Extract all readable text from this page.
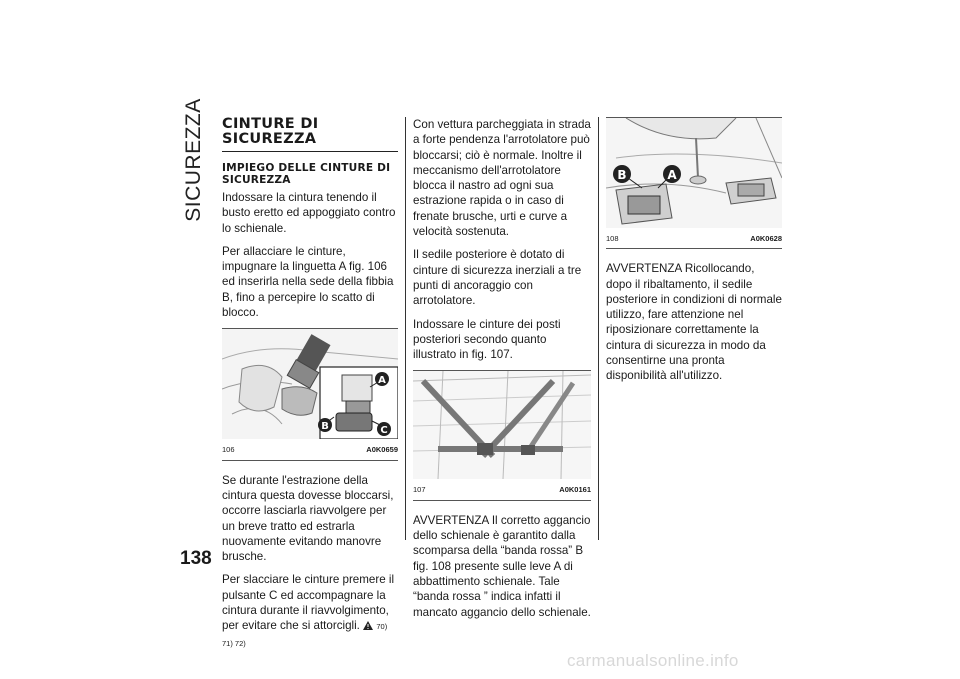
SICUREZZA CINTURE DI SICUREZZA
IMPIEGO DELLE CINTURE DI SICUREZZA

Indossare la cintura tenendo il busto eretto ed appoggiato contro lo schienale.

Per allacciare le cinture, impugnare la linguetta A fig. 106 ed inserirla nella sede della fibbia B, fino a percepire lo scatto di blocco.

A
B	C
106	A0K0659

Se durante l'estrazione della cintura questa dovesse bloccarsi, occorre lasciarla riavvolgere per un breve tratto ed estrarla nuovamente evitando manovre brusche.

Per slacciare le cinture premere il pulsante C ed accompagnare la cintura durante il riavvolgimento, per evitare che si attorcigli. 70) 71) 72)

Con vettura parcheggiata in strada a forte pendenza l'arrotolatore può bloccarsi; ciò è normale. Inoltre il meccanismo dell'arrotolatore blocca il nastro ad ogni sua estrazione rapida o in caso di frenate brusche, urti e curve a velocità sostenuta.

Il sedile posteriore è dotato di cinture di sicurezza inerziali a tre punti di ancoraggio con arrotolatore.

Indossare le cinture dei posti posteriori secondo quanto illustrato in fig. 107.

107	A0K0161

AVVERTENZA Il corretto aggancio dello schienale è garantito dalla scomparsa della “banda rossa” B fig. 108 presente sulle leve A di abbattimento schienale. Tale “banda rossa ” indica infatti il mancato aggancio dello schienale.

B	A
108	A0K0628

AVVERTENZA Ricollocando, dopo il ribaltamento, il sedile posteriore in condizioni di normale utilizzo, fare attenzione nel riposizionare correttamente la cintura di sicurezza in modo da consentirne una pronta disponibilità all'utilizzo.

138
carmanualsonline.info
